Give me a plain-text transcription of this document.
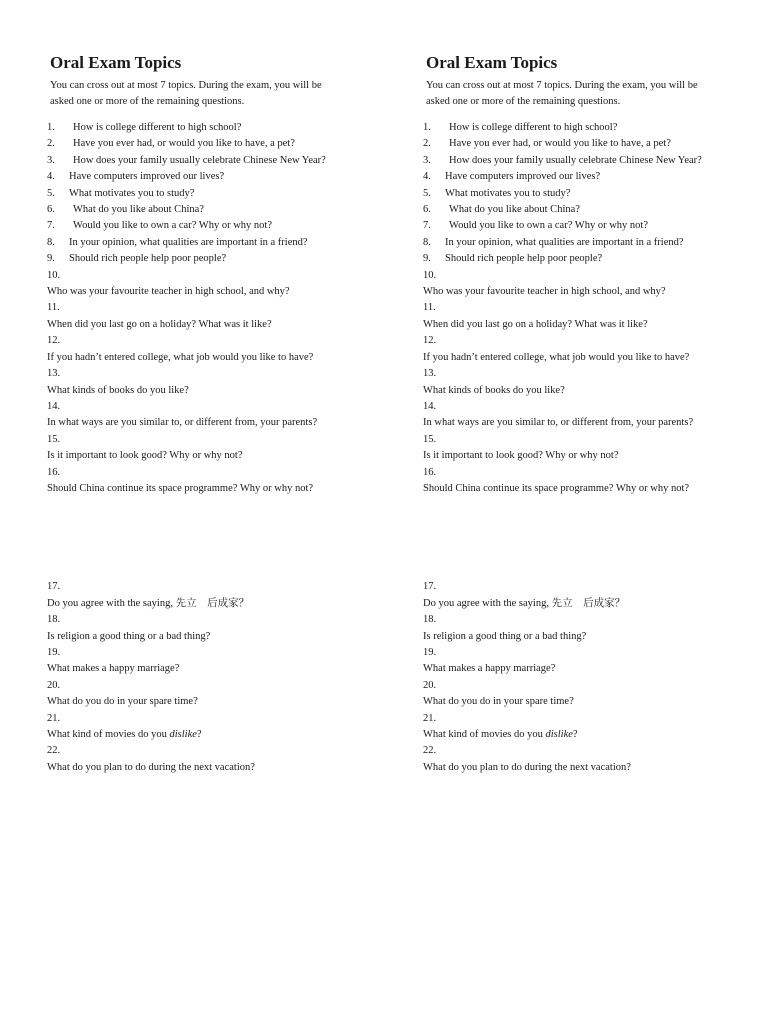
Oral Exam Topics
You can cross out at most 7 topics. During the exam, you will be asked one or more of the remaining questions.
1.	How is college different to high school?
2.	Have you ever had, or would you like to have, a pet?
3.	How does your family usually celebrate Chinese New Year?
4.	Have computers improved our lives?
5.	What motivates you to study?
6.	What do you like about China?
7.	Would you like to own a car? Why or why not?
8.	In your opinion, what qualities are important in a friend?
9.	Should rich people help poor people?
10.
Who was your favourite teacher in high school, and why?
11.
When did you last go on a holiday? What was it like?
12.
If you hadn’t entered college, what job would you like to have?
13.
What kinds of books do you like?
14.
In what ways are you similar to, or different from, your parents?
15.
Is it important to look good? Why or why not?
16.
Should China continue its space programme? Why or why not?
17.
Do you agree with the saying, 先立　后成家？
18.
Is religion a good thing or a bad thing?
19.
What makes a happy marriage?
20.
What do you do in your spare time?
21.
What kind of movies do you dislike?
22.
What do you plan to do during the next vacation?
Oral Exam Topics
You can cross out at most 7 topics. During the exam, you will be asked one or more of the remaining questions.
1.	How is college different to high school?
2.	Have you ever had, or would you like to have, a pet?
3.	How does your family usually celebrate Chinese New Year?
4.	Have computers improved our lives?
5.	What motivates you to study?
6.	What do you like about China?
7.	Would you like to own a car? Why or why not?
8.	In your opinion, what qualities are important in a friend?
9.	Should rich people help poor people?
10.
Who was your favourite teacher in high school, and why?
11.
When did you last go on a holiday? What was it like?
12.
If you hadn’t entered college, what job would you like to have?
13.
What kinds of books do you like?
14.
In what ways are you similar to, or different from, your parents?
15.
Is it important to look good? Why or why not?
16.
Should China continue its space programme? Why or why not?
17.
Do you agree with the saying, 先立　后成家？
18.
Is religion a good thing or a bad thing?
19.
What makes a happy marriage?
20.
What do you do in your spare time?
21.
What kind of movies do you dislike?
22.
What do you plan to do during the next vacation?
